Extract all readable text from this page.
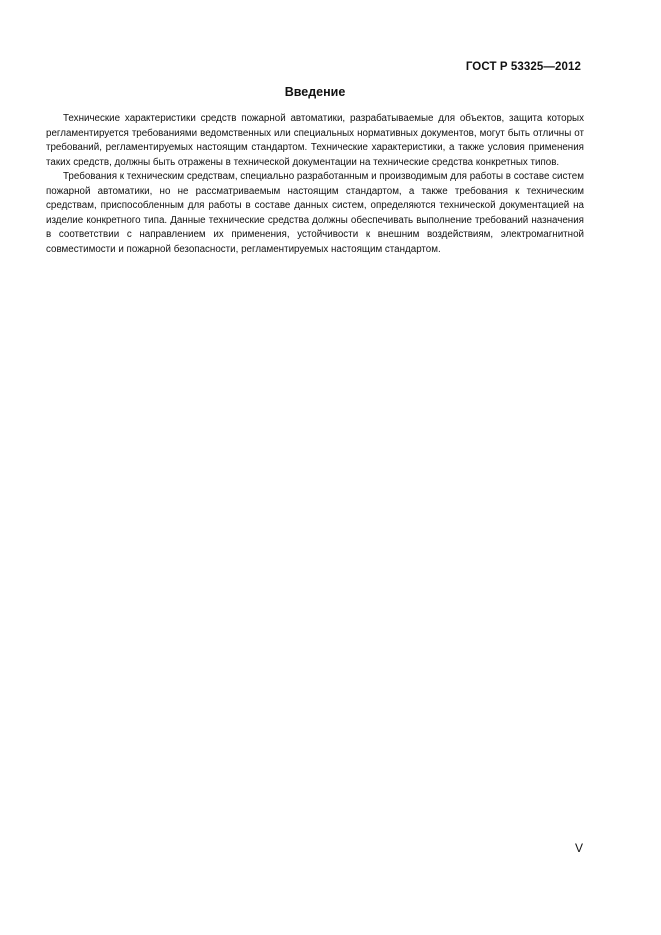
ГОСТ Р 53325—2012
Введение

Технические характеристики средств пожарной автоматики, разрабатываемые для объектов, защита которых регламентируется требованиями ведомственных или специальных нормативных документов, могут быть отличны от требований, регламентируемых настоящим стандартом. Технические характеристики, а также условия применения таких средств, должны быть отражены в технической документации на технические средства конкретных типов.

Требования к техническим средствам, специально разработанным и производимым для работы в составе систем пожарной автоматики, но не рассматриваемым настоящим стандартом, а также требования к техническим средствам, приспособленным для работы в составе данных систем, определяются технической документацией на изделие конкретного типа. Данные технические средства должны обеспечивать выполнение требований назначения в соответствии с направлением их применения, устойчивости к внешним воздействиям, электромагнитной совместимости и пожарной безопасности, регламентируемых настоящим стандартом.

V
